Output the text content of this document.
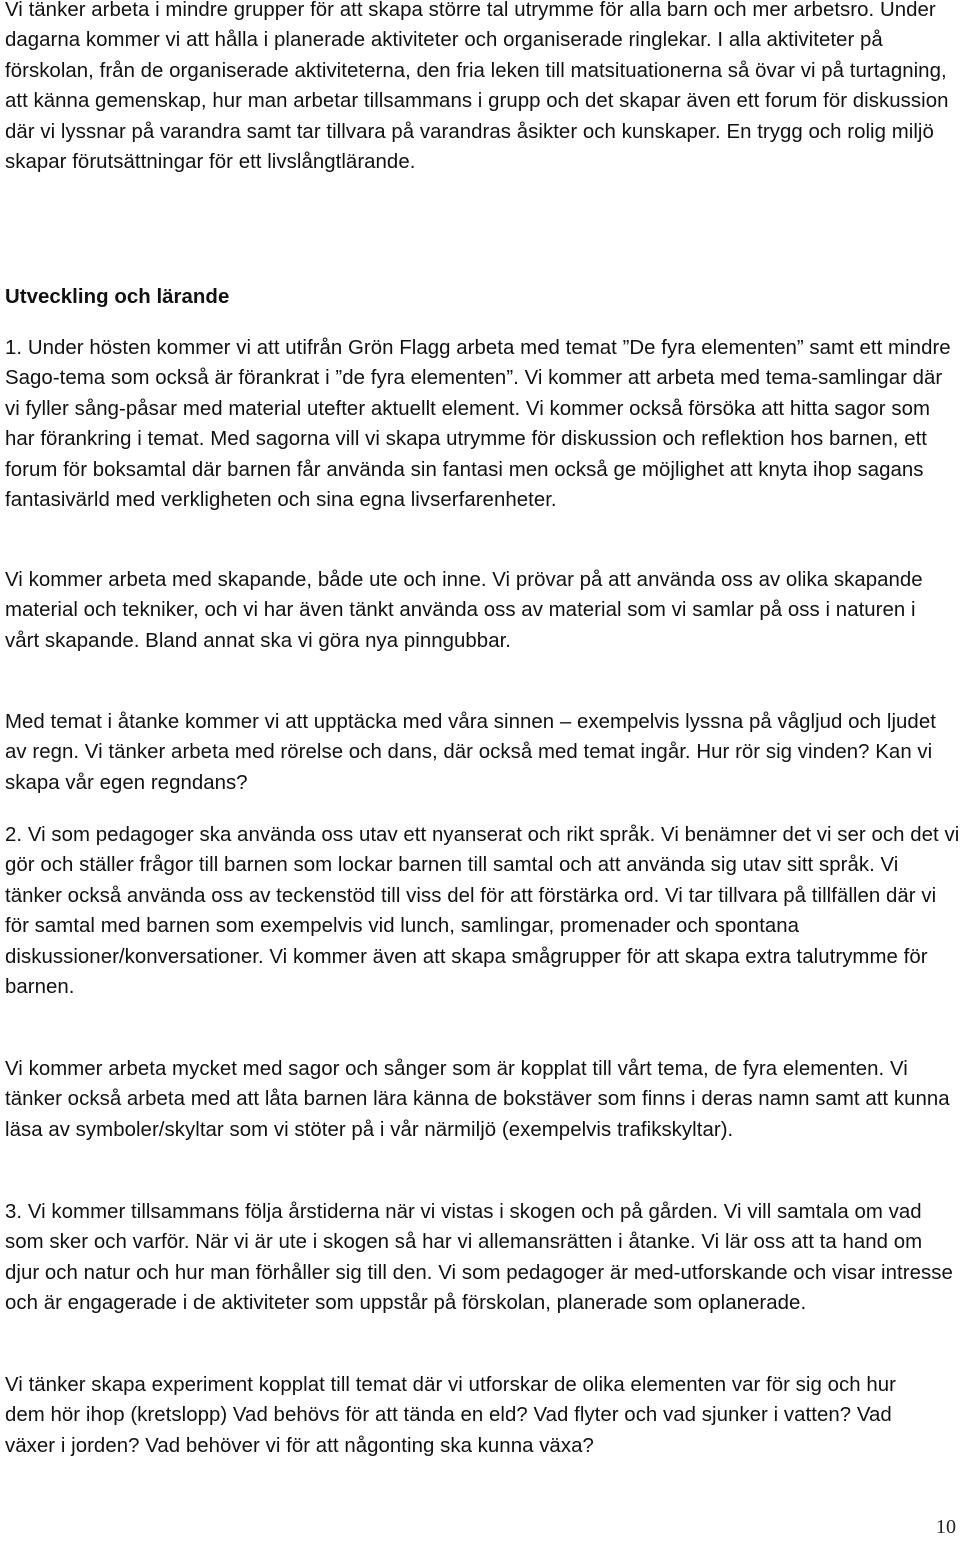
Vi tänker arbeta i mindre grupper för att skapa större tal utrymme för alla barn och mer arbetsro. Under dagarna kommer vi att hålla i planerade aktiviteter och organiserade ringlekar. I alla aktiviteter på förskolan, från de organiserade aktiviteterna, den fria leken till matsituationerna så övar vi på turtagning, att känna gemenskap, hur man arbetar tillsammans i grupp och det skapar även ett forum för diskussion där vi lyssnar på varandra samt tar tillvara på varandras åsikter och kunskaper. En trygg och rolig miljö skapar förutsättningar för ett livslångtlärande.

Utveckling och lärande

1. Under hösten kommer vi att utifrån Grön Flagg arbeta med temat ”De fyra elementen” samt ett mindre Sago-tema som också är förankrat i ”de fyra elementen”. Vi kommer att arbeta med tema-samlingar där vi fyller sång-påsar med material utefter aktuellt element. Vi kommer också försöka att hitta sagor som har förankring i temat. Med sagorna vill vi skapa utrymme för diskussion och reflektion hos barnen, ett forum för boksamtal där barnen får använda sin fantasi men också ge möjlighet att knyta ihop sagans fantasivärld med verkligheten och sina egna livserfarenheter.

Vi kommer arbeta med skapande, både ute och inne. Vi prövar på att använda oss av olika skapande material och tekniker, och vi har även tänkt använda oss av material som vi samlar på oss i naturen i vårt skapande. Bland annat ska vi göra nya pinngubbar.

Med temat i åtanke kommer vi att upptäcka med våra sinnen – exempelvis lyssna på vågljud och ljudet av regn. Vi tänker arbeta med rörelse och dans, där också med temat ingår. Hur rör sig vinden? Kan vi skapa vår egen regndans?

2. Vi som pedagoger ska använda oss utav ett nyanserat och rikt språk. Vi benämner det vi ser och det vi gör och ställer frågor till barnen som lockar barnen till samtal och att använda sig utav sitt språk. Vi tänker också använda oss av teckenstöd till viss del för att förstärka ord. Vi tar tillvara på tillfällen där vi för samtal med barnen som exempelvis vid lunch, samlingar, promenader och spontana diskussioner/konversationer. Vi kommer även att skapa smågrupper för att skapa extra talutrymme för barnen.

Vi kommer arbeta mycket med sagor och sånger som är kopplat till vårt tema, de fyra elementen. Vi tänker också arbeta med att låta barnen lära känna de bokstäver som finns i deras namn samt att kunna läsa av symboler/skyltar som vi stöter på i vår närmiljö (exempelvis trafikskyltar).

3. Vi kommer tillsammans följa årstiderna när vi vistas i skogen och på gården. Vi vill samtala om vad som sker och varför. När vi är ute i skogen så har vi allemansrätten i åtanke. Vi lär oss att ta hand om djur och natur och hur man förhåller sig till den. Vi som pedagoger är med-utforskande och visar intresse och är engagerade i de aktiviteter som uppstår på förskolan, planerade som oplanerade.

Vi tänker skapa experiment kopplat till temat där vi utforskar de olika elementen var för sig och hur dem hör ihop (kretslopp) Vad behövs för att tända en eld? Vad flyter och vad sjunker i vatten? Vad växer i jorden? Vad behöver vi för att någonting ska kunna växa?

10
